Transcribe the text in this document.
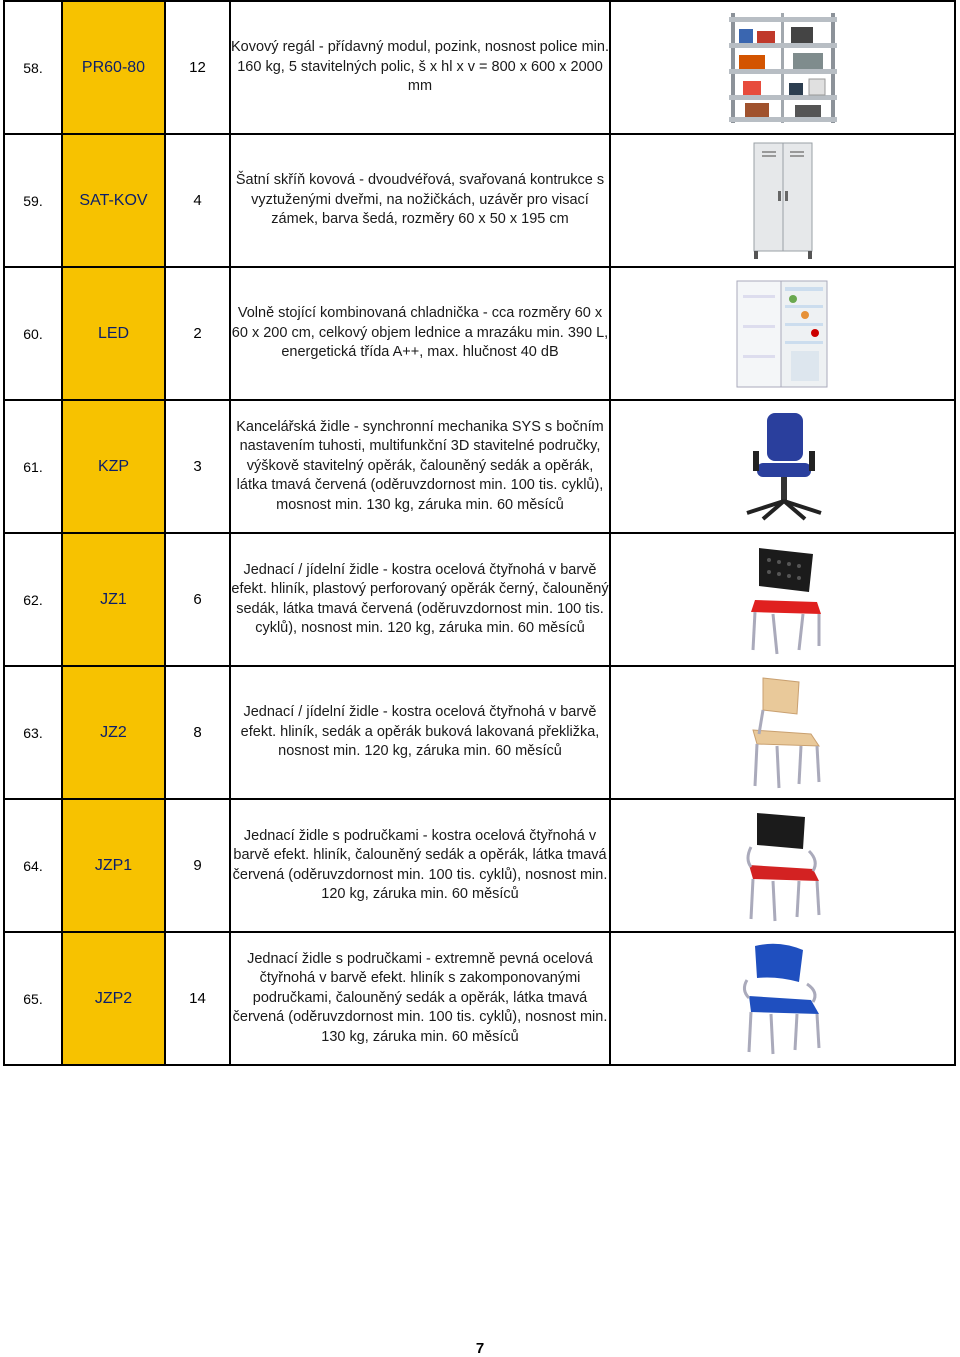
58.	PR60-80	12	Kovový regál - přídavný modul, pozink, nosnost police min. 160 kg, 5 stavitelných polic, š x hl x v = 800 x 600 x 2000 mm	

59.	SAT-KOV	4	Šatní skříň kovová - dvoudvéřová, svařovaná kontrukce s vyztuženými dveřmi, na nožičkách, uzávěr pro visací zámek, barva šedá, rozměry 60 x 50 x 195 cm	

60.	LED	2	Volně stojící kombinovaná chladnička - cca rozměry 60 x 60 x 200 cm, celkový objem lednice a mrazáku min. 390 L, energetická třída A++, max. hlučnost 40 dB	

61.	KZP	3	Kancelářská židle - synchronní mechanika SYS s bočním nastavením tuhosti, multifunkční 3D stavitelné područky, výškově stavitelný opěrák, čalouněný sedák a opěrák, látka tmavá červená (oděruvzdornost min. 100 tis. cyklů), mosnost min. 130 kg, záruka min. 60 měsíců	

62.	JZ1	6	Jednací / jídelní židle - kostra ocelová čtyřnohá v barvě efekt. hliník, plastový perforovaný opěrák černý, čalouněný sedák, látka tmavá červená (oděruvzdornost min. 100 tis. cyklů), nosnost min. 120 kg, záruka min. 60 měsíců	

63.	JZ2	8	Jednací / jídelní židle - kostra ocelová čtyřnohá v barvě efekt. hliník, sedák a opěrák buková lakovaná překližka, nosnost min. 120 kg, záruka min. 60 měsíců	

64.	JZP1	9	Jednací židle s područkami - kostra ocelová čtyřnohá v barvě efekt. hliník, čalouněný sedák a opěrák, látka tmavá červená (oděruvzdornost min. 100 tis. cyklů), nosnost min. 120 kg, záruka min. 60 měsíců	

65.	JZP2	14	Jednací židle s područkami - extremně pevná ocelová čtyřnohá v barvě efekt. hliník s zakomponovanými područkami, čalouněný sedák a opěrák, látka tmavá červená (oděruvzdornost min. 100 tis. cyklů), nosnost min. 130 kg, záruka min. 60 měsíců	
7
